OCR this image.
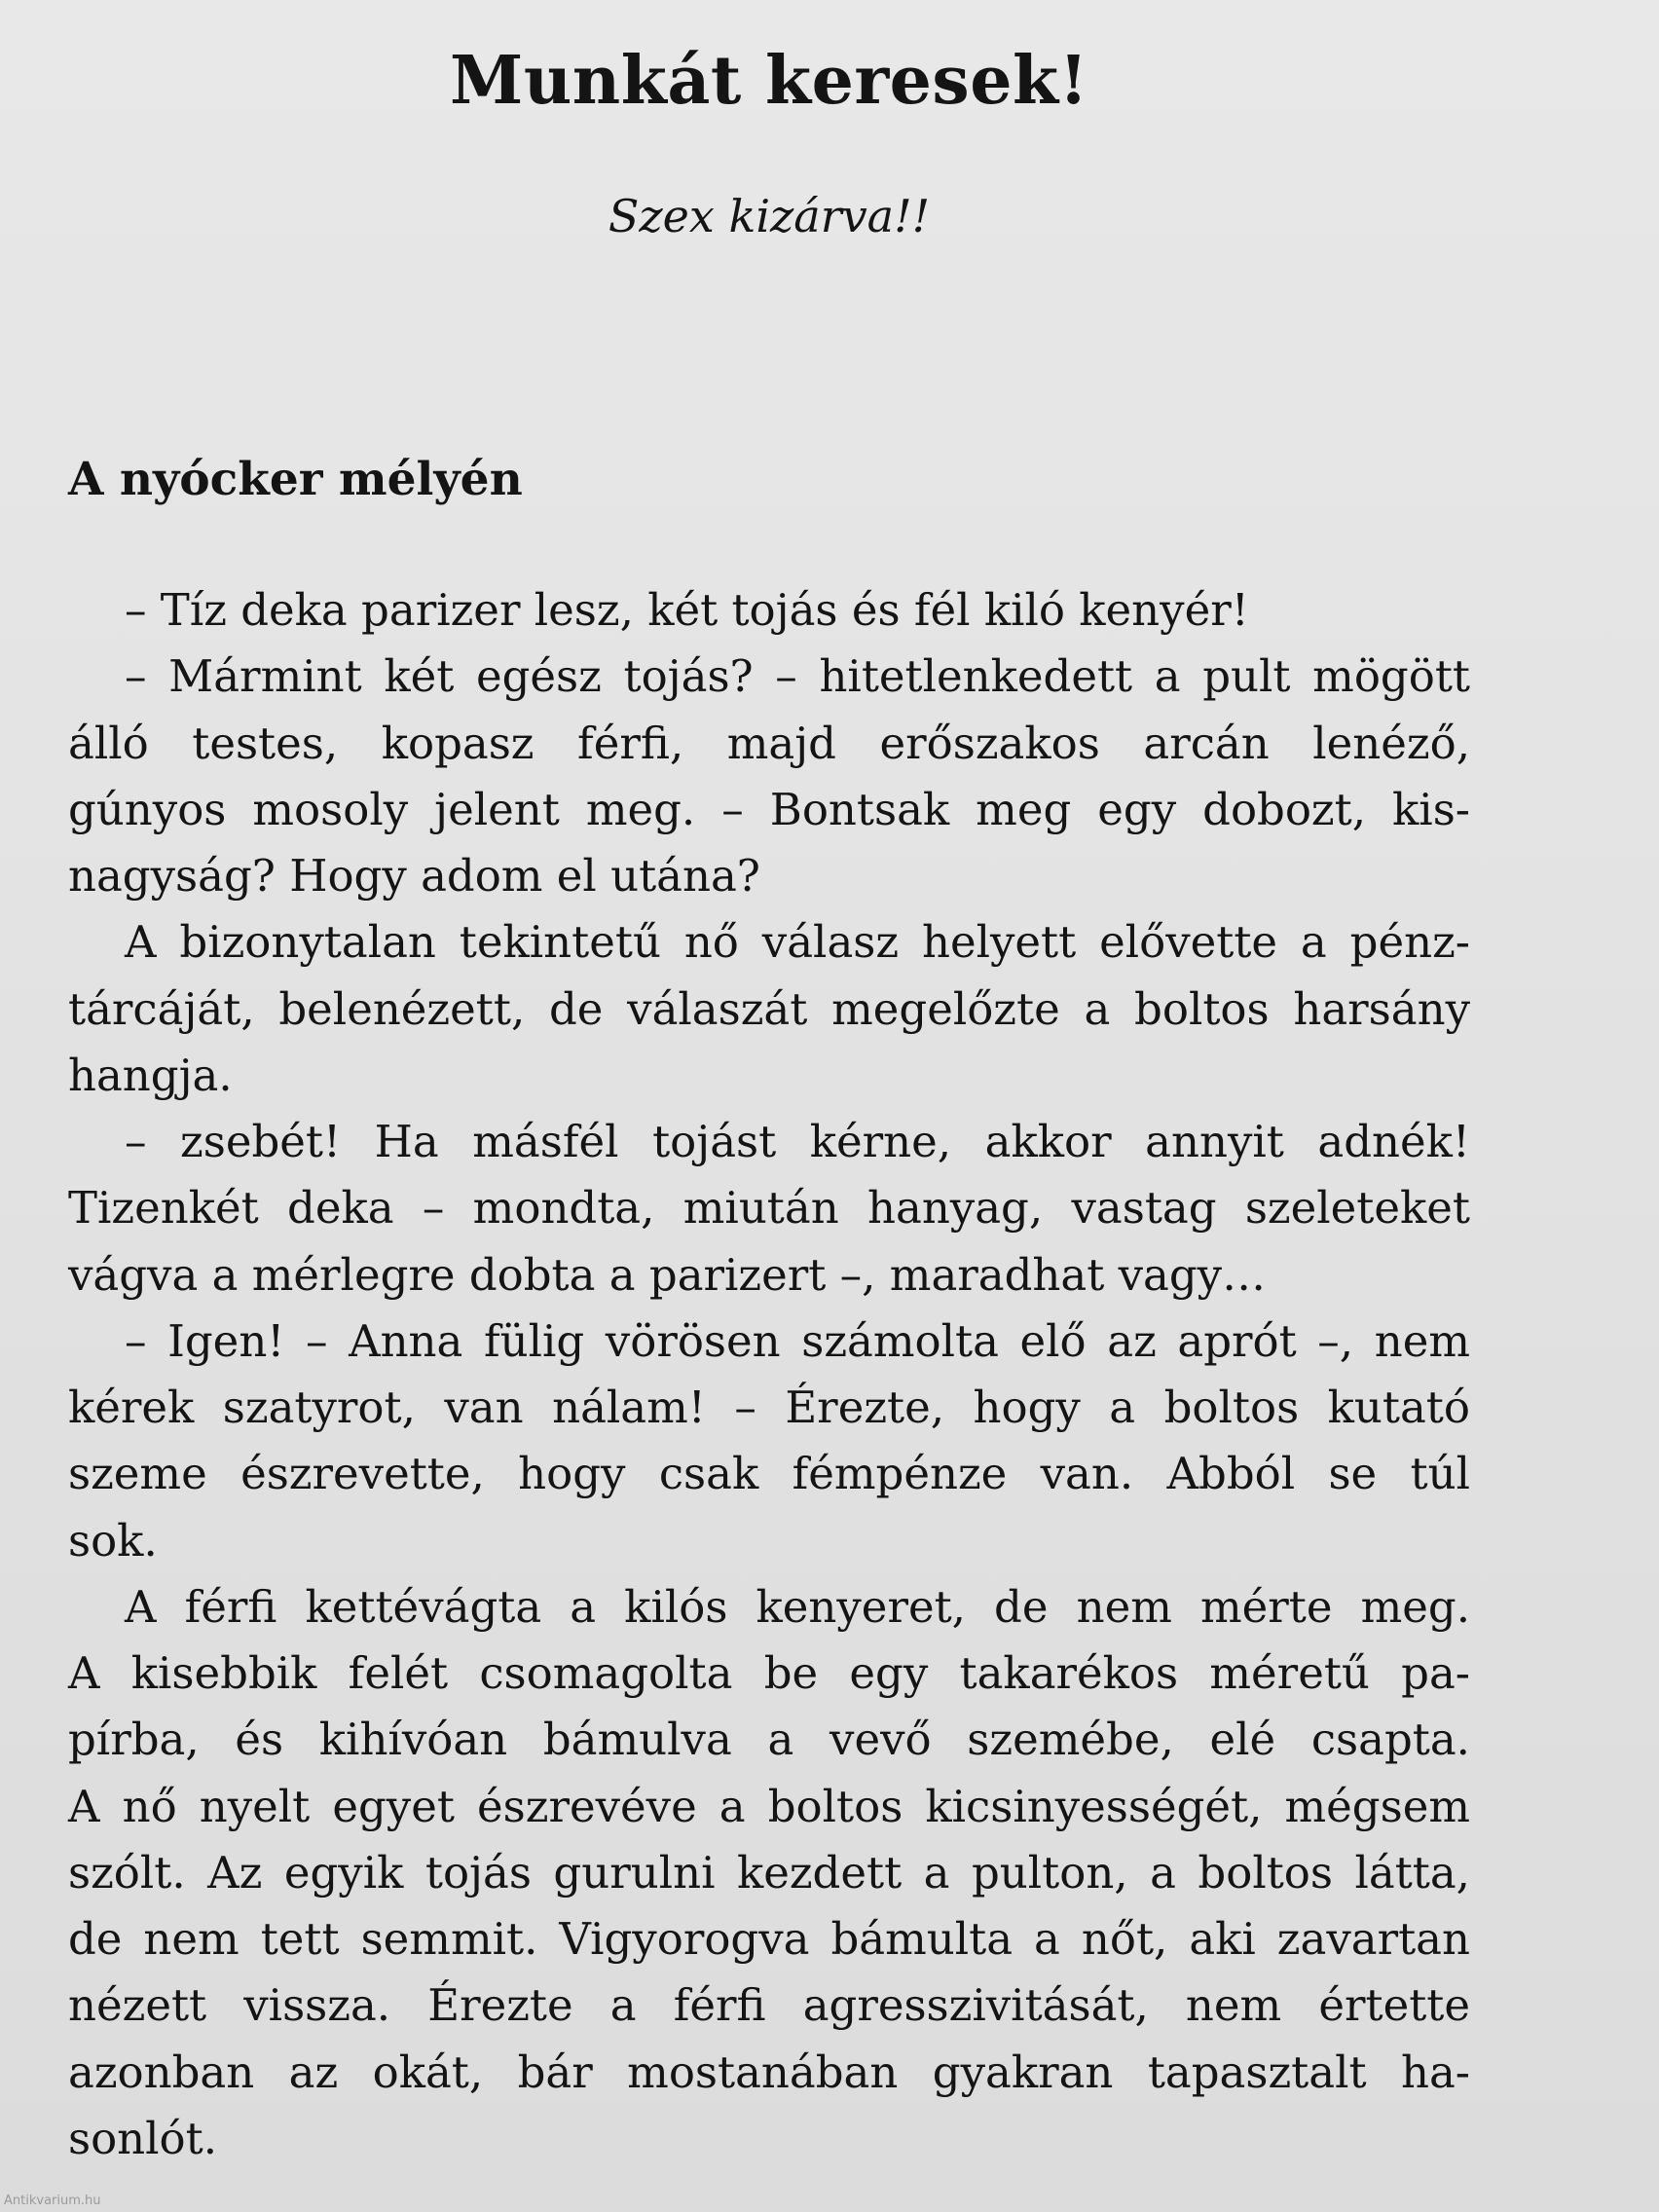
Munkát keresek!

Szex kizárva!!

A nyócker mélyén
– Tíz deka parizer lesz, két tojás és fél kiló kenyér!
– Mármint két egész tojás? – hitetlenkedett a pult mögött
álló testes, kopasz férfi, majd erőszakos arcán lenéző,
gúnyos mosoly jelent meg. – Bontsak meg egy dobozt, kis-
nagyság? Hogy adom el utána?
A bizonytalan tekintetű nő válasz helyett elővette a pénz-
tárcáját, belenézett, de válaszát megelőzte a boltos harsány
hangja.
– zsebét! Ha másfél tojást kérne, akkor annyit adnék!
Tizenkét deka – mondta, miután hanyag, vastag szeleteket
vágva a mérlegre dobta a parizert –, maradhat vagy…
– Igen! – Anna fülig vörösen számolta elő az aprót –, nem
kérek szatyrot, van nálam! – Érezte, hogy a boltos kutató
szeme észrevette, hogy csak fémpénze van. Abból se túl
sok.
A férfi kettévágta a kilós kenyeret, de nem mérte meg.
A kisebbik felét csomagolta be egy takarékos méretű pa-
pírba, és kihívóan bámulva a vevő szemébe, elé csapta.
A nő nyelt egyet észrevéve a boltos kicsinyességét, mégsem
szólt. Az egyik tojás gurulni kezdett a pulton, a boltos látta,
de nem tett semmit. Vigyorogva bámulta a nőt, aki zavartan
nézett vissza. Érezte a férfi agresszivitását, nem értette
azonban az okát, bár mostanában gyakran tapasztalt ha-
sonlót.
Antikvarium.hu
